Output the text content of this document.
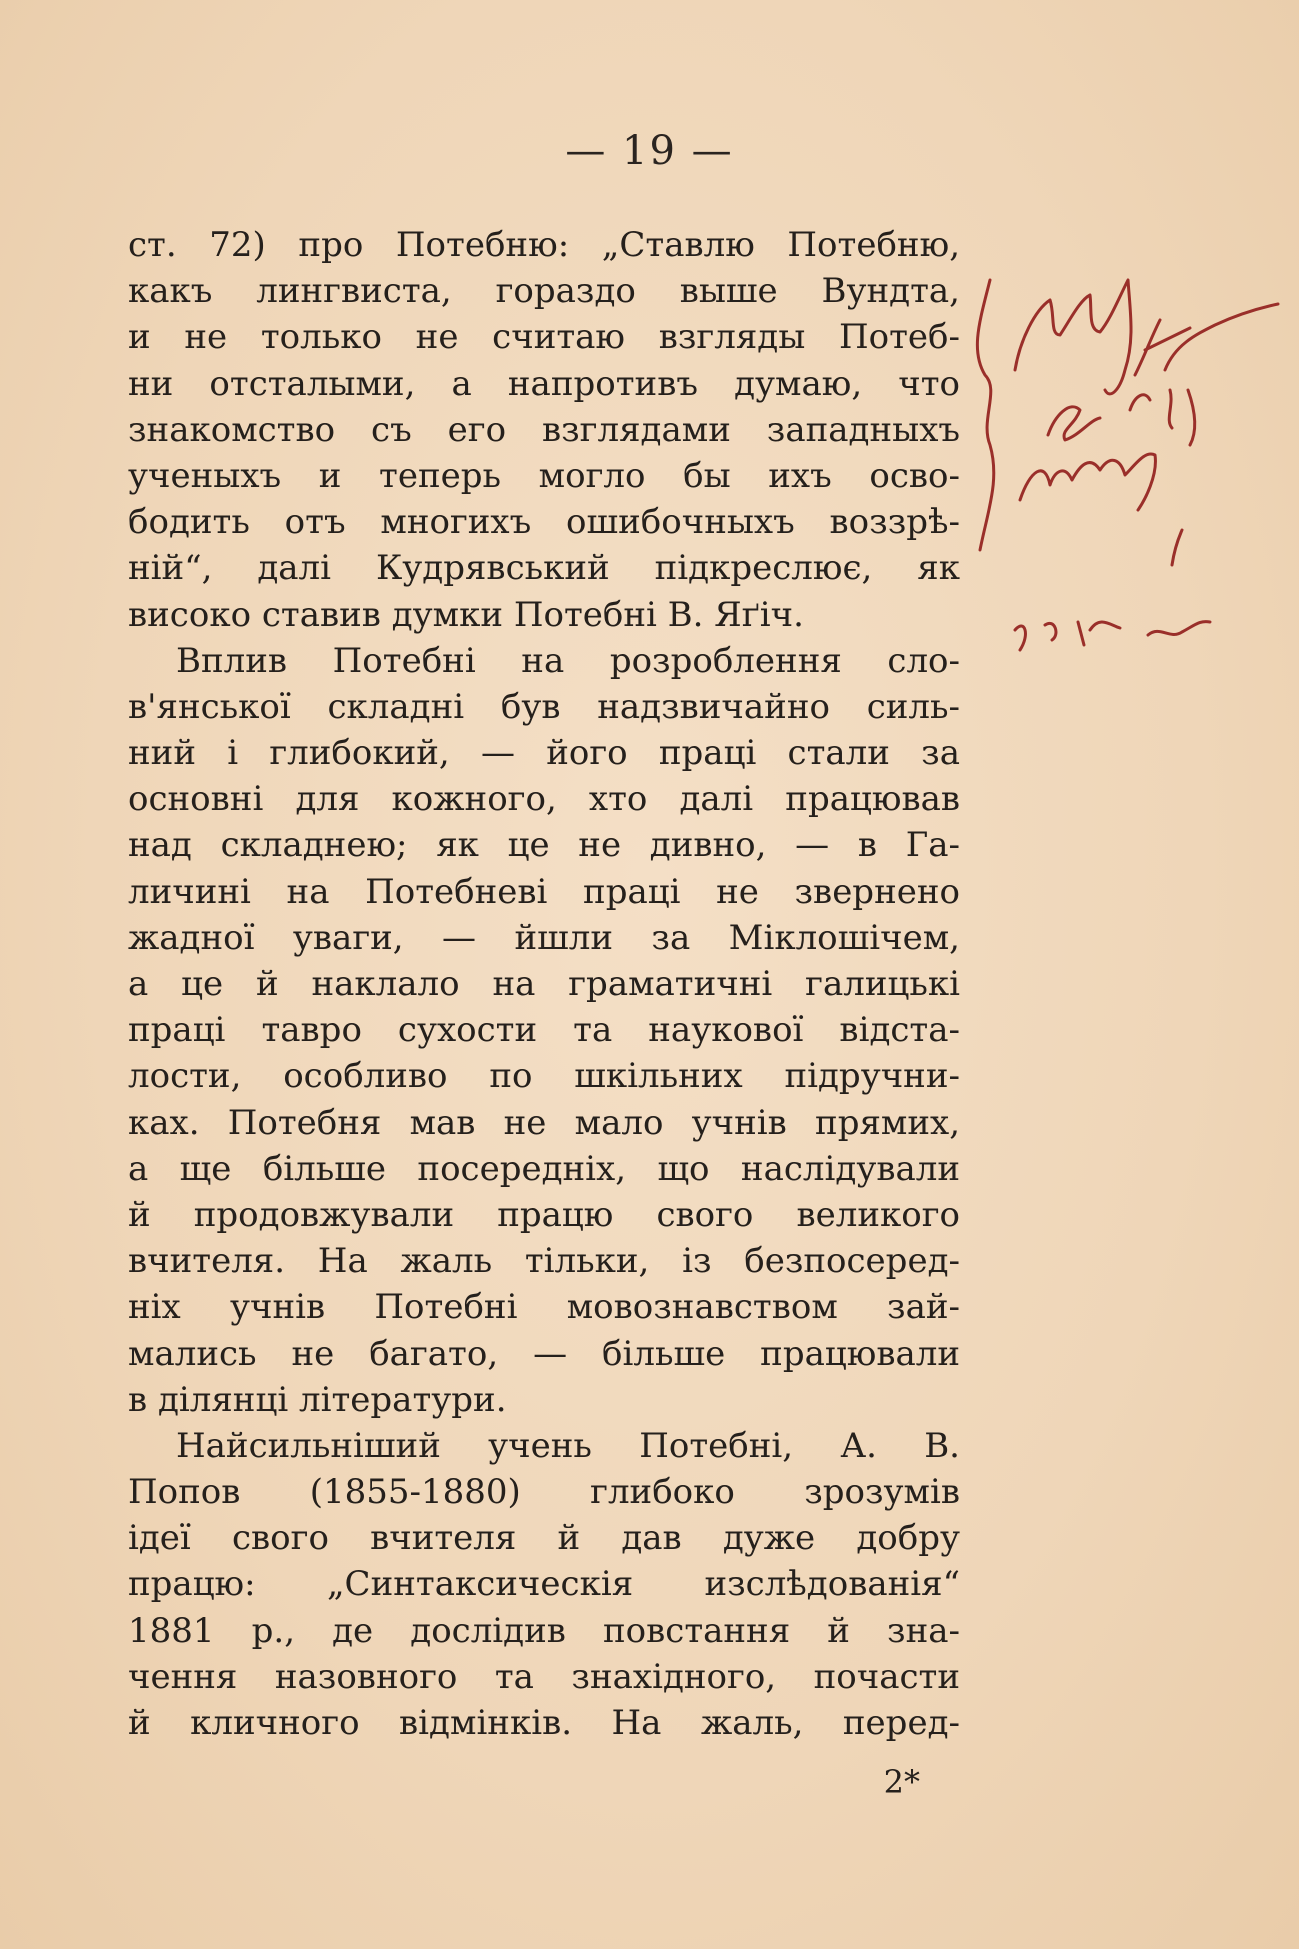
— 19 —
ст. 72) про Потебню: „Ставлю Потебню,
какъ лингвиста, гораздо выше Вундта,
и не только не считаю взгляды Потеб-
ни отсталыми, а напротивъ думаю, что
знакомство съ его взглядами западныхъ
ученыхъ и теперь могло бы ихъ осво-
бодить отъ многихъ ошибочныхъ воззрѣ-
ній“, далі Кудрявський підкреслює, як
високо ставив думки Потебні В. Яґіч.
Вплив Потебні на розроблення сло-
в'янської складні був надзвичайно силь-
ний і глибокий, — його праці стали за
основні для кожного, хто далі працював
над складнею; як це не дивно, — в Га-
личині на Потебневі праці не звернено
жадної уваги, — йшли за Міклошічем,
а це й наклало на граматичні галицькі
праці тавро сухости та наукової відста-
лости, особливо по шкільних підручни-
ках. Потебня мав не мало учнів прямих,
а ще більше посередніх, що наслідували
й продовжували працю свого великого
вчителя. На жаль тільки, із безпосеред-
ніх учнів Потебні мовознавством зай-
мались не багато, — більше працювали
в ділянці літератури.
Найсильніший учень Потебні, А. В.
Попов (1855-1880) глибоко зрозумів
ідеї свого вчителя й дав дуже добру
працю: „Синтаксическія изслѣдованія“
1881 р., де дослідив повстання й зна-
чення назовного та знахідного, почасти
й кличного відмінків. На жаль, перед-
2*
